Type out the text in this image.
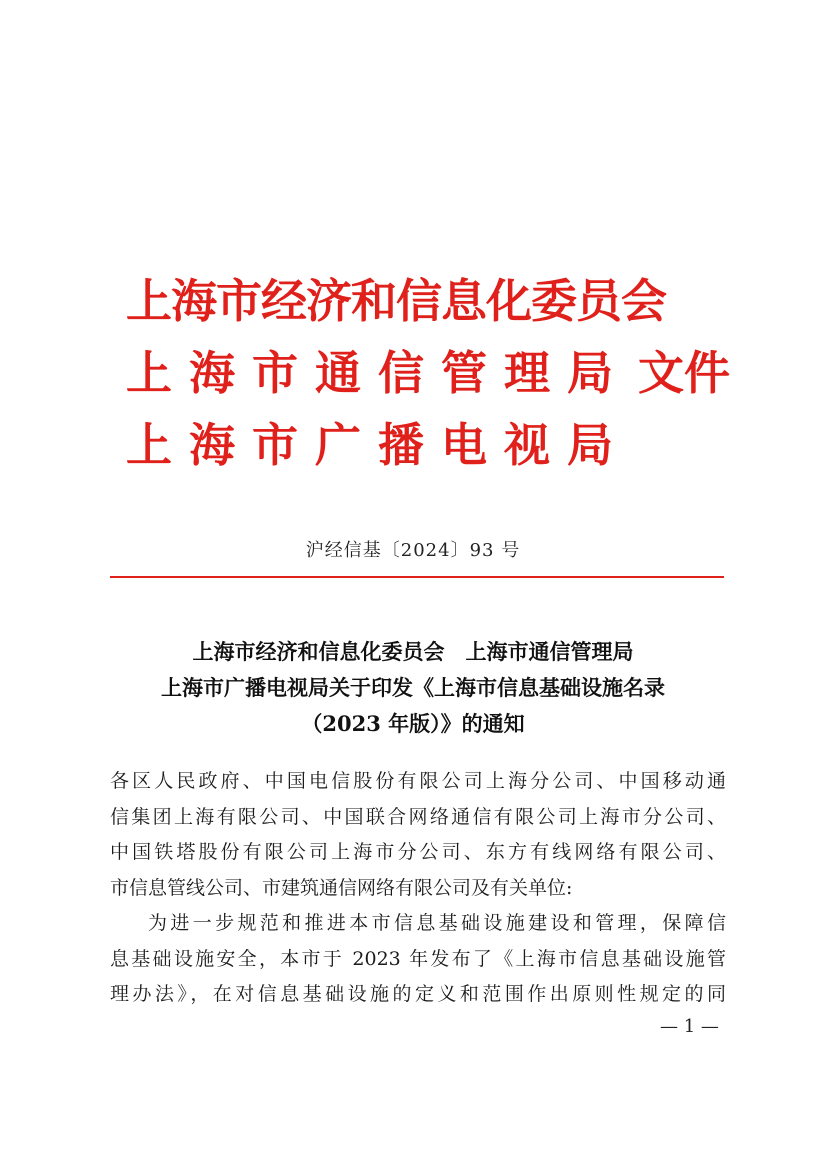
上海市经济和信息化委员会
上海市通信管理局 文件
上海市广播电视局
沪经信基〔2024〕93 号
上海市经济和信息化委员会　上海市通信管理局
上海市广播电视局关于印发《上海市信息基础设施名录
（2023 年版）》的通知
各区人民政府、中国电信股份有限公司上海分公司、中国移动通
信集团上海有限公司、中国联合网络通信有限公司上海市分公司、
中国铁塔股份有限公司上海市分公司、东方有线网络有限公司、
市信息管线公司、市建筑通信网络有限公司及有关单位:
为进一步规范和推进本市信息基础设施建设和管理，保障信
息基础设施安全，本市于 2023 年发布了《上海市信息基础设施管
理办法》，在对信息基础设施的定义和范围作出原则性规定的同
— 1 —
